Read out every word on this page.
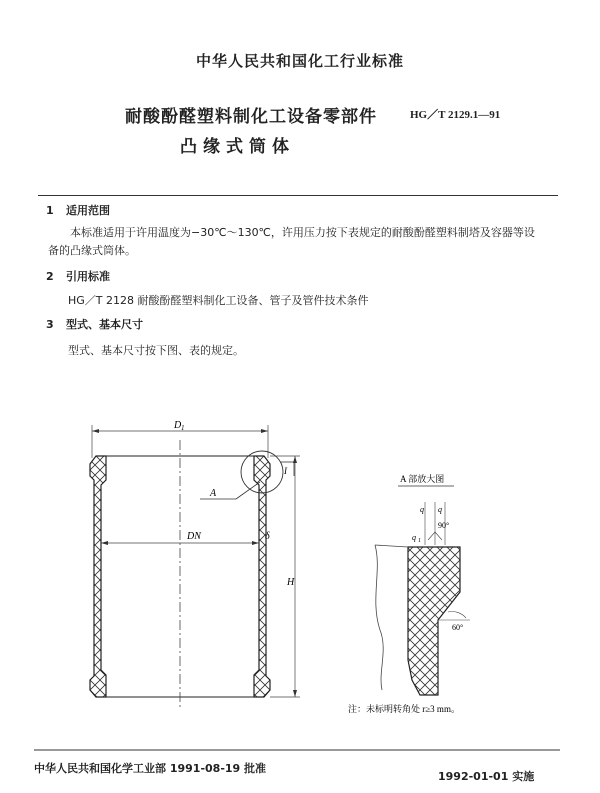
中华人民共和国化工行业标准
耐酸酚醛塑料制化工设备零部件	HG／T 2129.1—91
凸缘式筒体
1 适用范围
本标准适用于许用温度为−30℃～130℃，许用压力按下表规定的耐酸酚醛塑料制塔及容器等设
备的凸缘式筒体。
2 引用标准
HG／T 2128 耐酸酚醛塑料制化工设备、管子及管件技术条件
3 型式、基本尺寸
型式、基本尺寸按下图、表的规定。
D 1
DN	δ
H
I
A
A 部放大图
q q
q 1
90°
60°
注：未标明转角处 r≥3 mm。
中华人民共和国化学工业部 1991-08-19 批准
1992-01-01 实施
